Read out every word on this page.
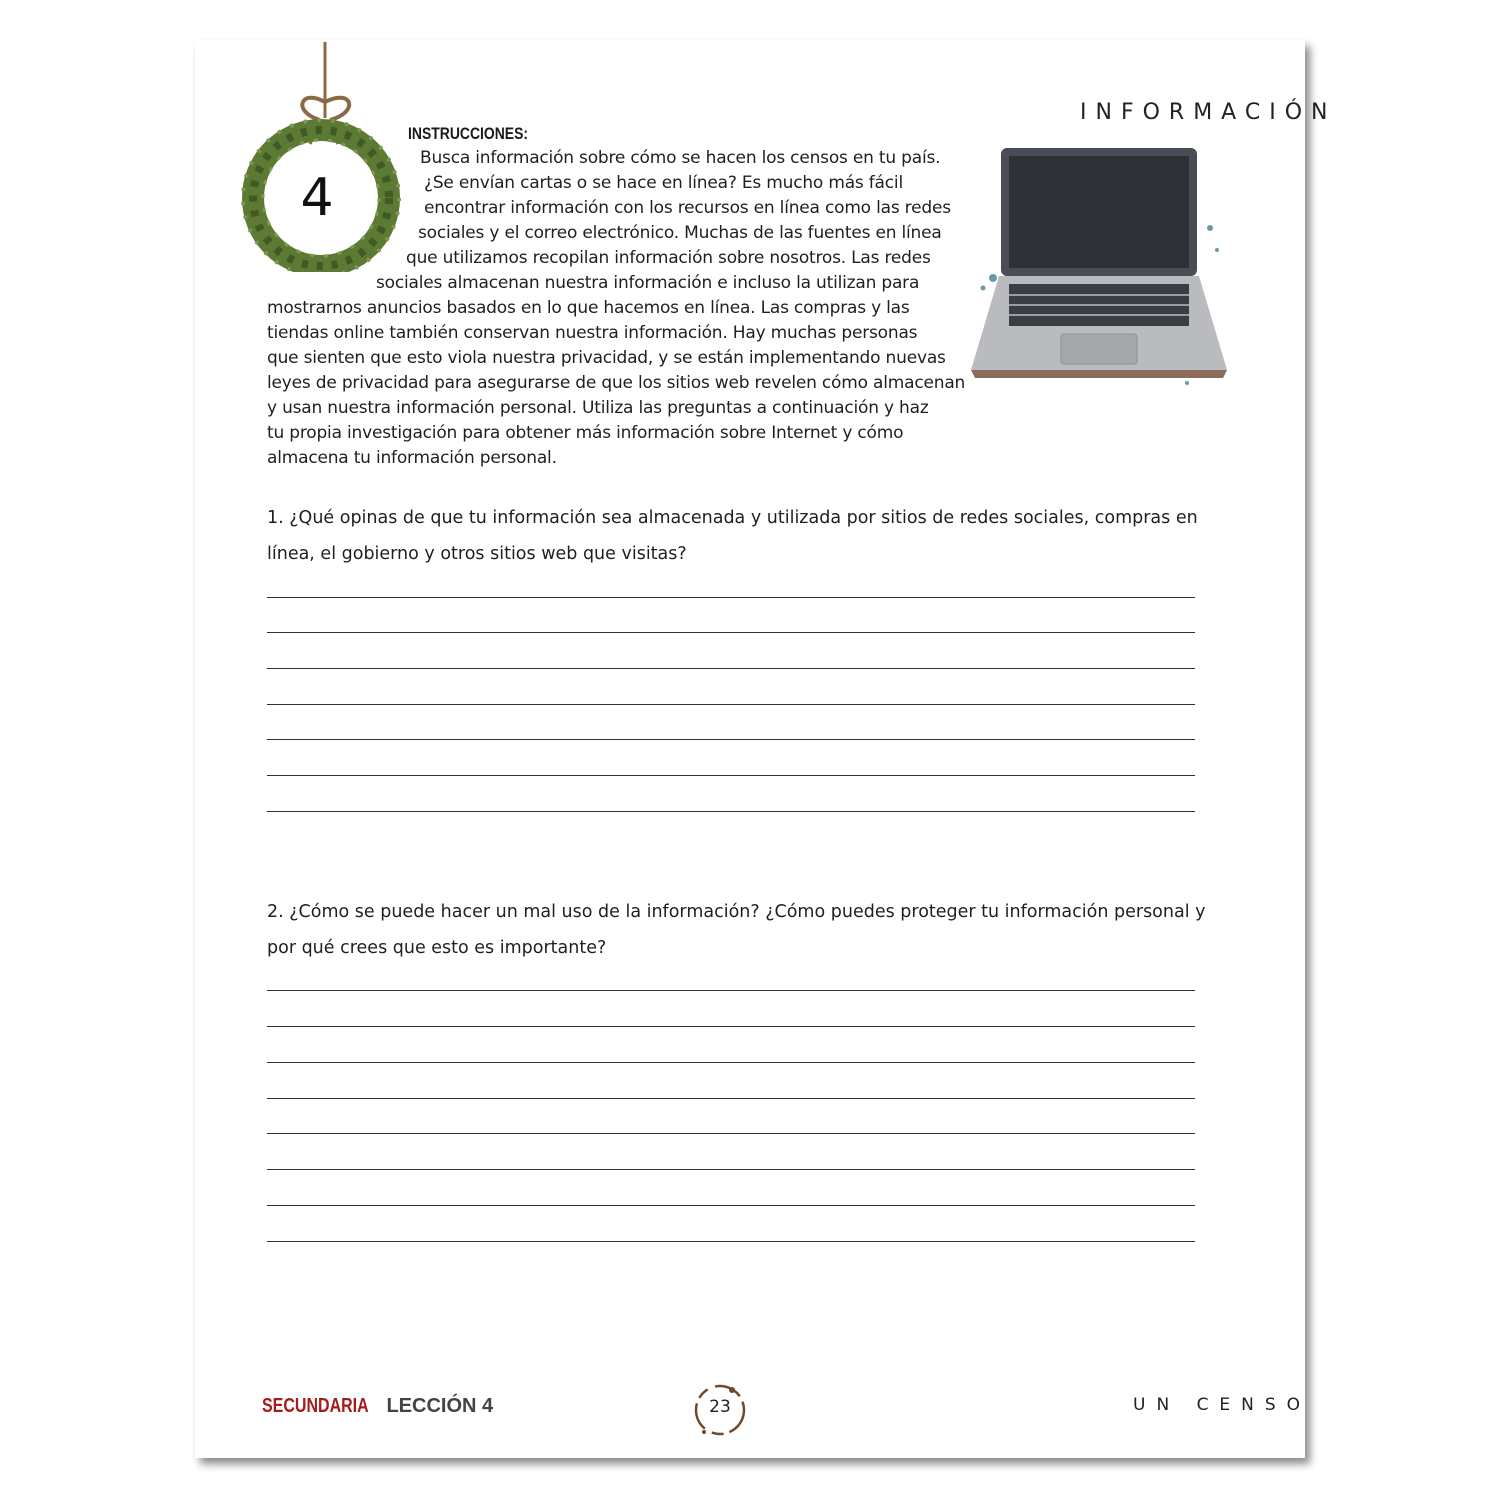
INFORMACIÓN
4
INSTRUCCIONES:
Busca información sobre cómo se hacen los censos en tu país.
¿Se envían cartas o se hace en línea? Es mucho más fácil
encontrar información con los recursos en línea como las redes
sociales y el correo electrónico. Muchas de las fuentes en línea
que utilizamos recopilan información sobre nosotros. Las redes
sociales almacenan nuestra información e incluso la utilizan para
mostrarnos anuncios basados en lo que hacemos en línea. Las compras y las
tiendas online también conservan nuestra información. Hay muchas personas
que sienten que esto viola nuestra privacidad, y se están implementando nuevas
leyes de privacidad para asegurarse de que los sitios web revelen cómo almacenan
y usan nuestra información personal. Utiliza las preguntas a continuación y haz
tu propia investigación para obtener más información sobre Internet y cómo
almacena tu información personal.
1. ¿Qué opinas de que tu información sea almacenada y utilizada por sitios de redes sociales, compras en línea, el gobierno y otros sitios web que visitas?
2. ¿Cómo se puede hacer un mal uso de la información? ¿Cómo puedes proteger tu información personal y por qué crees que esto es importante?
SECUNDARIA LECCIÓN 4	23	UN CENSO
